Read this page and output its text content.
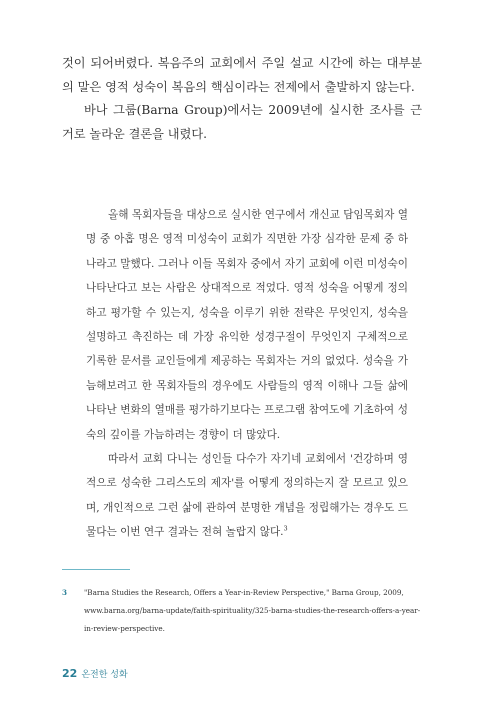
것이 되어버렸다. 복음주의 교회에서 주일 설교 시간에 하는 대부분의 말은 영적 성숙이 복음의 핵심이라는 전제에서 출발하지 않는다.

바나 그룹(Barna Group)에서는 2009년에 실시한 조사를 근거로 놀라운 결론을 내렸다.

올해 목회자들을 대상으로 실시한 연구에서 개신교 담임목회자 열 명 중 아홉 명은 영적 미성숙이 교회가 직면한 가장 심각한 문제 중 하나라고 말했다. 그러나 이들 목회자 중에서 자기 교회에 이런 미성숙이 나타난다고 보는 사람은 상대적으로 적었다. 영적 성숙을 어떻게 정의하고 평가할 수 있는지, 성숙을 이루기 위한 전략은 무엇인지, 성숙을 설명하고 촉진하는 데 가장 유익한 성경구절이 무엇인지 구체적으로 기록한 문서를 교인들에게 제공하는 목회자는 거의 없었다. 성숙을 가늠해보려고 한 목회자들의 경우에도 사람들의 영적 이해나 그들 삶에 나타난 변화의 열매를 평가하기보다는 프로그램 참여도에 기초하여 성숙의 깊이를 가늠하려는 경향이 더 많았다.

따라서 교회 다니는 성인들 다수가 자기네 교회에서 '건강하며 영적으로 성숙한 그리스도의 제자'를 어떻게 정의하는지 잘 모르고 있으며, 개인적으로 그런 삶에 관하여 분명한 개념을 정립해가는 경우도 드물다는 이번 연구 결과는 전혀 놀랍지 않다.$^3$

3 "Barna Studies the Research, Offers a Year-in-Review Perspective," Barna Group, 2009, www.barna.org/barna-update/faith-spirituality/325-barna-studies-the-research-offers-a-year-in-review-perspective.
22 온전한 성화
